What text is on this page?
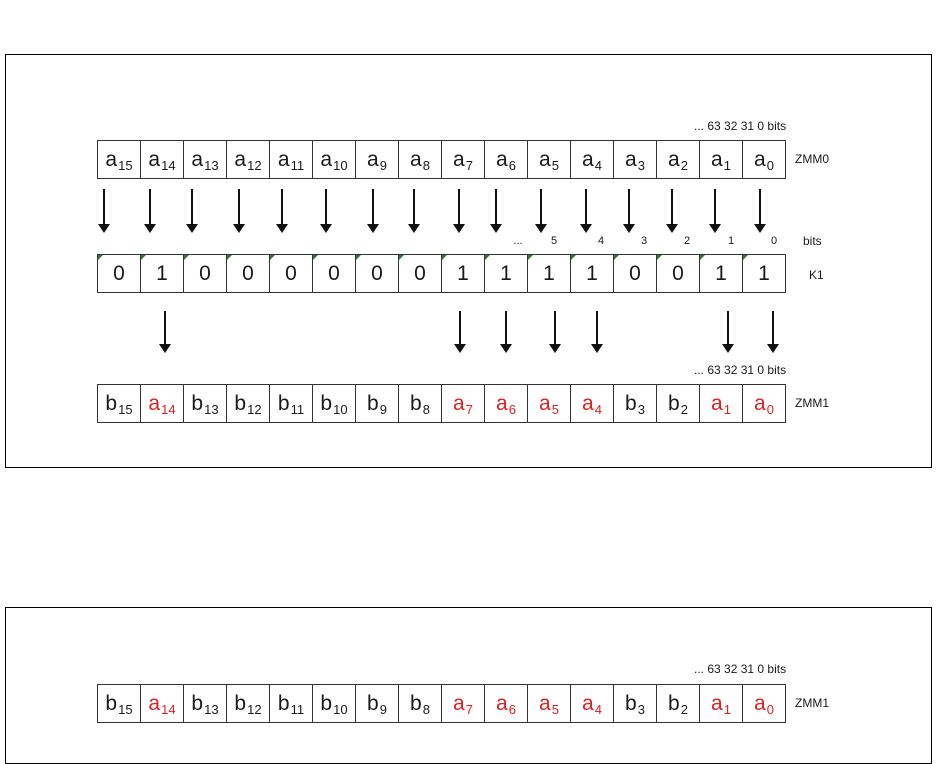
... 63 32 31 0 bits
$a_{15}$ $a_{14}$ $a_{13}$ $a_{12}$ $a_{11}$ $a_{10}$ $a_9$ $a_8$ $a_7$ $a_6$ $a_5$ $a_4$ $a_3$ $a_2$ $a_1$ $a_0$ ZMM0
...	5	4	3	2	1	0 bits
0 1 0 0 0 0 0 0 1 1 1 1 0 0 1 1	K1
... 63 32 31 0 bits
$b_{15}$ $a_{14}$ $b_{13}$ $b_{12}$ $b_{11}$ $b_{10}$ $b_9$ $b_8$ $a_7$ $a_6$ $a_5$ $a_4$ $b_3$ $b_2$ $a_1$ $a_0$ ZMM1
... 63 32 31 0 bits
$b_{15}$ $a_{14}$ $b_{13}$ $b_{12}$ $b_{11}$ $b_{10}$ $b_9$ $b_8$ $a_7$ $a_6$ $a_5$ $a_4$ $b_3$ $b_2$ $a_1$ $a_0$ ZMM1
